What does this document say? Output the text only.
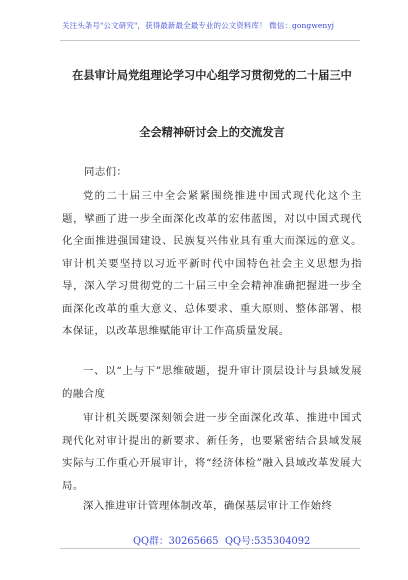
关注头条号"公文研究"，获得最新最全最专业的公文资料库！ 微信：gongwenyj
在县审计局党组理论学习中心组学习贯彻党的二十届三中
全会精神研讨会上的交流发言
同志们：
党的二十届三中全会紧紧围绕推进中国式现代化这个主题，擘画了进一步全面深化改革的宏伟蓝图，对以中国式现代化全面推进强国建设、民族复兴伟业具有重大而深远的意义。审计机关要坚持以习近平新时代中国特色社会主义思想为指导，深入学习贯彻党的二十届三中全会精神准确把握进一步全面深化改革的重大意义、总体要求、重大原则、整体部署、根本保证，以改革思维赋能审计工作高质量发展。
一、以“上与下”思维破题，提升审计顶层设计与县域发展的融合度
审计机关既要深刻领会进一步全面深化改革、推进中国式现代化对审计提出的新要求、新任务，也要紧密结合县域发展实际与工作重心开展审计，将“经济体检”融入县域改革发展大局。
深入推进审计管理体制改革，确保基层审计工作始终
QQ群：30265665 QQ号:535304092
